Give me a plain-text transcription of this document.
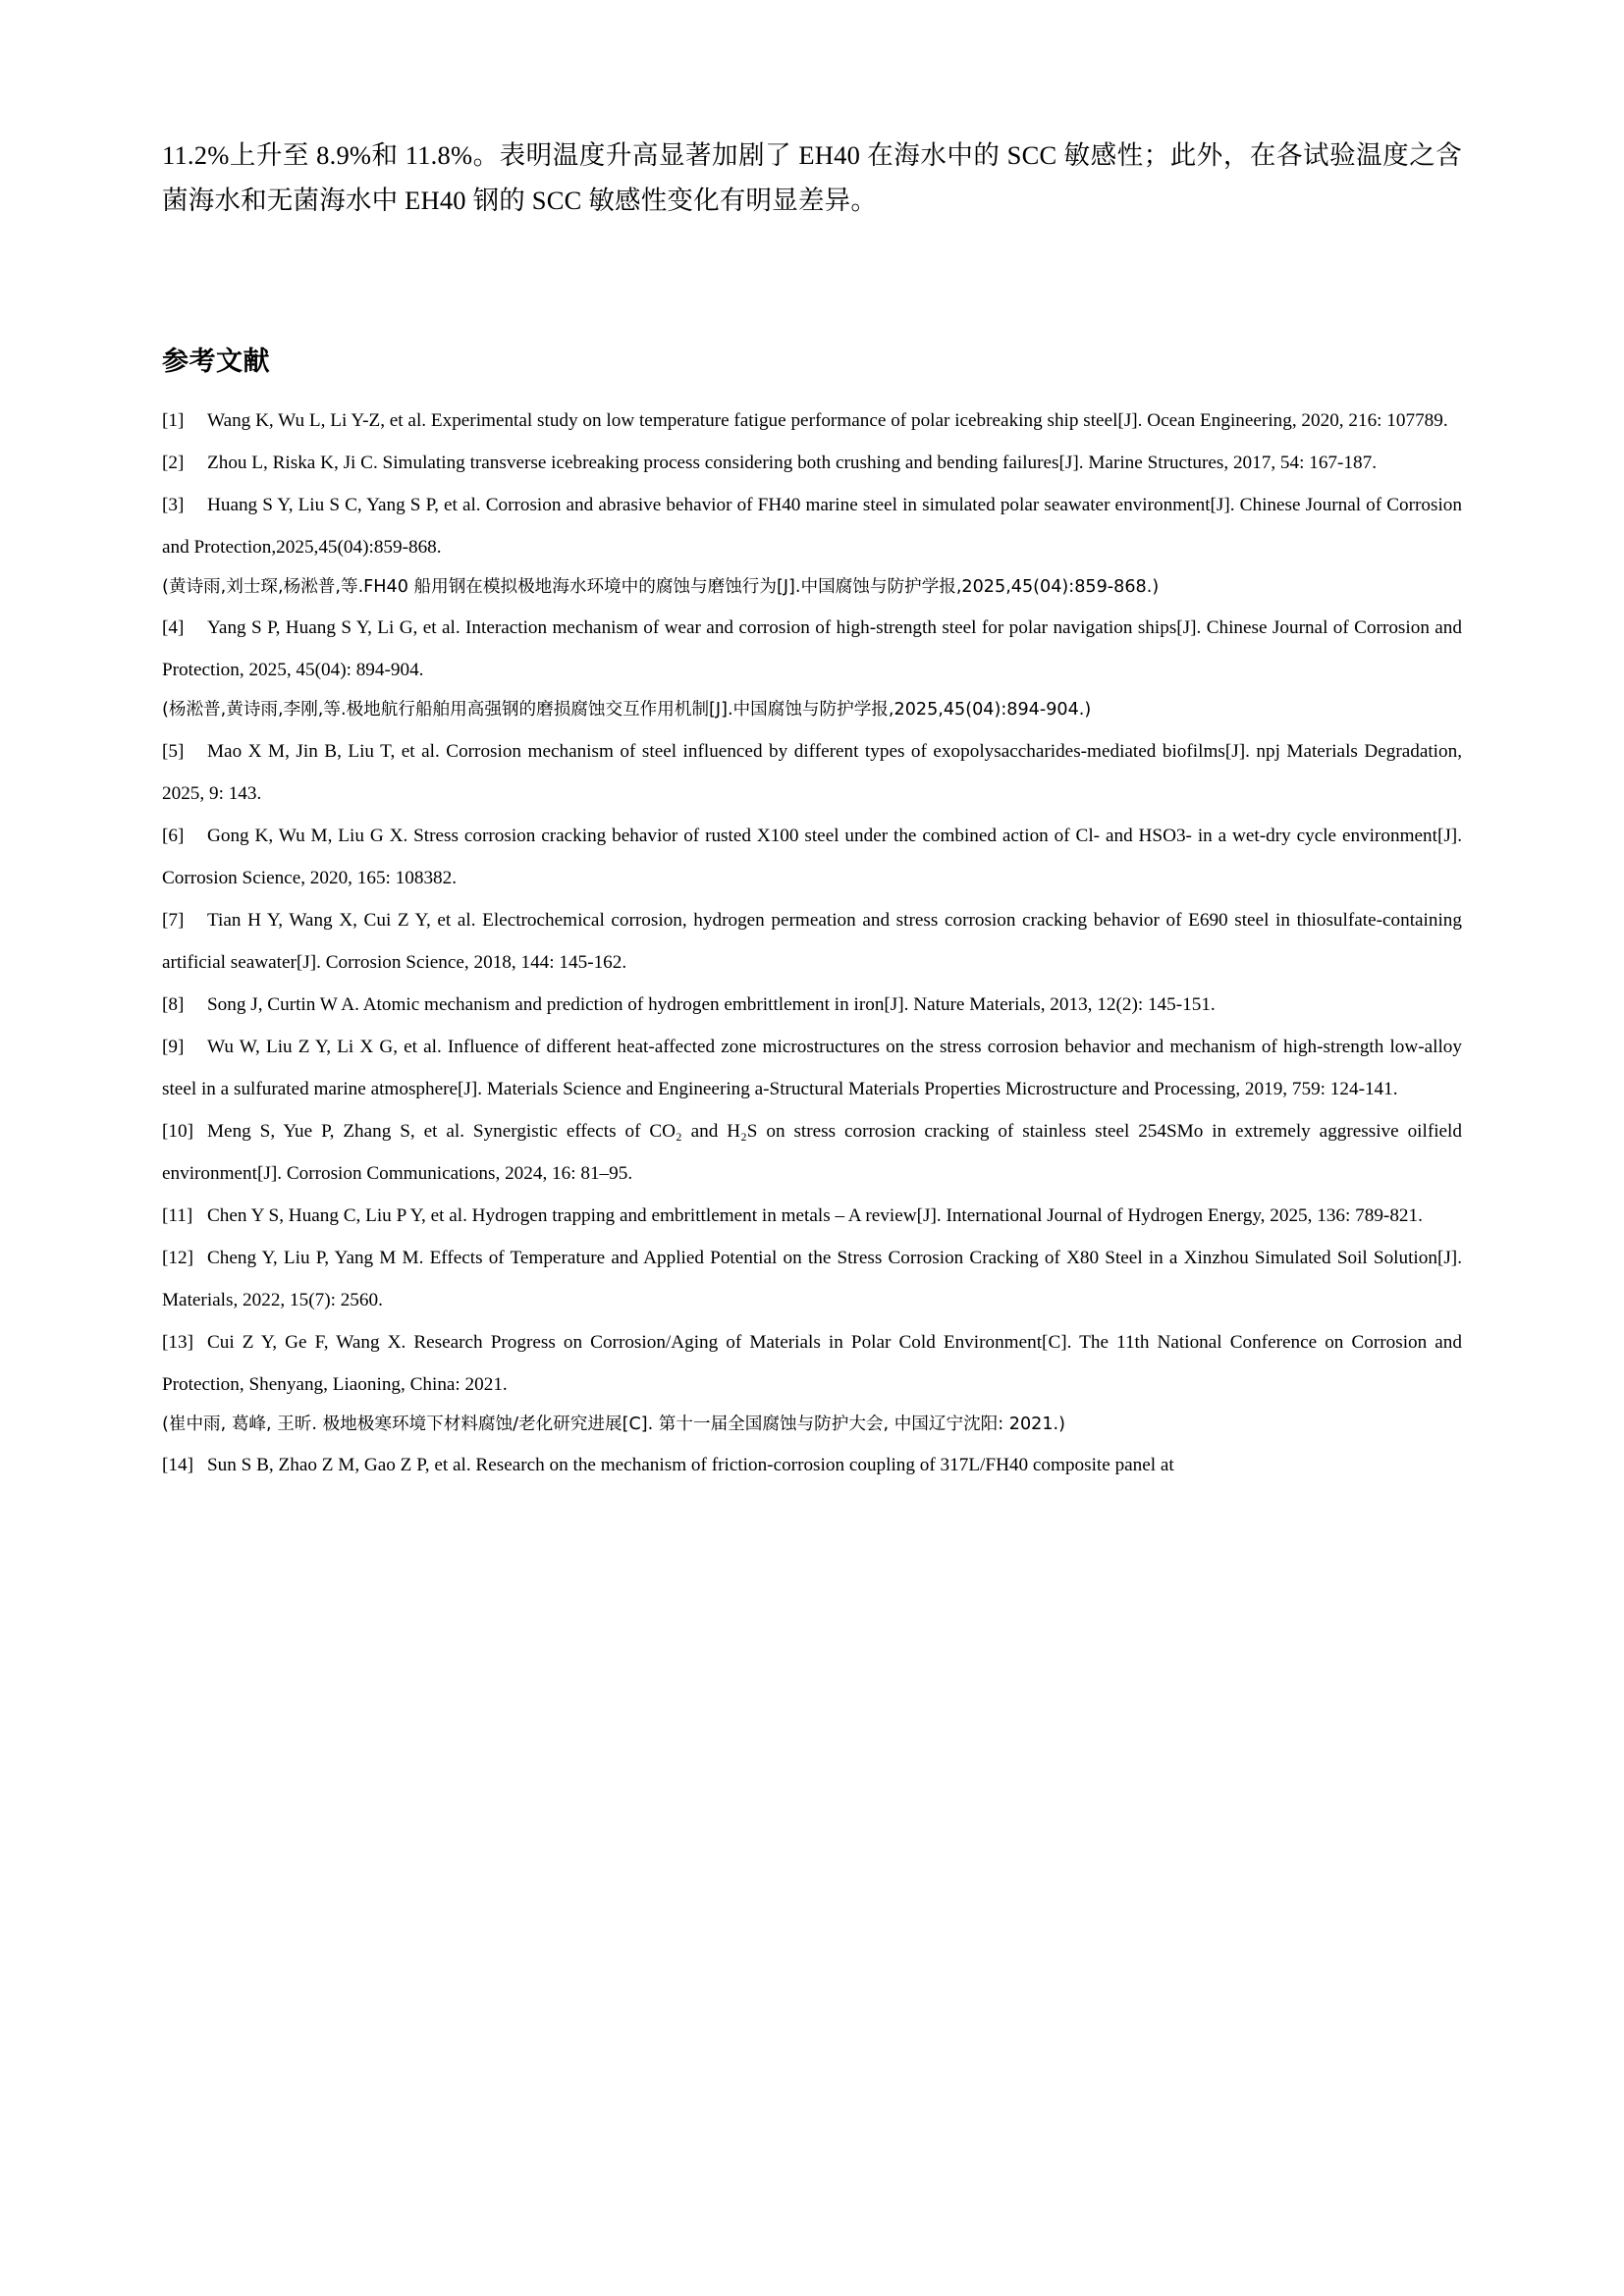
11.2%上升至 8.9%和 11.8%。表明温度升高显著加剧了 EH40 在海水中的 SCC 敏感性；此外，在各试验温度之含菌海水和无菌海水中 EH40 钢的 SCC 敏感性变化有明显差异。

参考文献

[1] Wang K, Wu L, Li Y-Z, et al. Experimental study on low temperature fatigue performance of polar icebreaking ship steel[J]. Ocean Engineering, 2020, 216: 107789.

[2] Zhou L, Riska K, Ji C. Simulating transverse icebreaking process considering both crushing and bending failures[J]. Marine Structures, 2017, 54: 167-187.

[3] Huang S Y, Liu S C, Yang S P, et al. Corrosion and abrasive behavior of FH40 marine steel in simulated polar seawater environment[J]. Chinese Journal of Corrosion and Protection,2025,45(04):859-868.

(黄诗雨,刘士琛,杨淞普,等.FH40 船用钢在模拟极地海水环境中的腐蚀与磨蚀行为[J].中国腐蚀与防护学报,2025,45(04):859-868.)

[4] Yang S P, Huang S Y, Li G, et al. Interaction mechanism of wear and corrosion of high-strength steel for polar navigation ships[J]. Chinese Journal of Corrosion and Protection, 2025, 45(04): 894-904.

(杨淞普,黄诗雨,李刚,等.极地航行船舶用高强钢的磨损腐蚀交互作用机制[J].中国腐蚀与防护学报,2025,45(04):894-904.)

[5] Mao X M, Jin B, Liu T, et al. Corrosion mechanism of steel influenced by different types of exopolysaccharides-mediated biofilms[J]. npj Materials Degradation, 2025, 9: 143.

[6] Gong K, Wu M, Liu G X. Stress corrosion cracking behavior of rusted X100 steel under the combined action of Cl- and HSO3- in a wet-dry cycle environment[J]. Corrosion Science, 2020, 165: 108382.

[7] Tian H Y, Wang X, Cui Z Y, et al. Electrochemical corrosion, hydrogen permeation and stress corrosion cracking behavior of E690 steel in thiosulfate-containing artificial seawater[J]. Corrosion Science, 2018, 144: 145-162.

[8] Song J, Curtin W A. Atomic mechanism and prediction of hydrogen embrittlement in iron[J]. Nature Materials, 2013, 12(2): 145-151.

[9] Wu W, Liu Z Y, Li X G, et al. Influence of different heat-affected zone microstructures on the stress corrosion behavior and mechanism of high-strength low-alloy steel in a sulfurated marine atmosphere[J]. Materials Science and Engineering a-Structural Materials Properties Microstructure and Processing, 2019, 759: 124-141.

[10] Meng S, Yue P, Zhang S, et al. Synergistic effects of CO₂ and H₂S on stress corrosion cracking of stainless steel 254SMo in extremely aggressive oilfield environment[J]. Corrosion Communications, 2024, 16: 81–95.

[11] Chen Y S, Huang C, Liu P Y, et al. Hydrogen trapping and embrittlement in metals – A review[J]. International Journal of Hydrogen Energy, 2025, 136: 789-821.

[12] Cheng Y, Liu P, Yang M M. Effects of Temperature and Applied Potential on the Stress Corrosion Cracking of X80 Steel in a Xinzhou Simulated Soil Solution[J]. Materials, 2022, 15(7): 2560.

[13] Cui Z Y, Ge F, Wang X. Research Progress on Corrosion/Aging of Materials in Polar Cold Environment[C]. The 11th National Conference on Corrosion and Protection, Shenyang, Liaoning, China: 2021.

(崔中雨, 葛峰, 王昕. 极地极寒环境下材料腐蚀/老化研究进展[C]. 第十一届全国腐蚀与防护大会, 中国辽宁沈阳: 2021.)

[14] Sun S B, Zhao Z M, Gao Z P, et al. Research on the mechanism of friction-corrosion coupling of 317L/FH40 composite panel at
